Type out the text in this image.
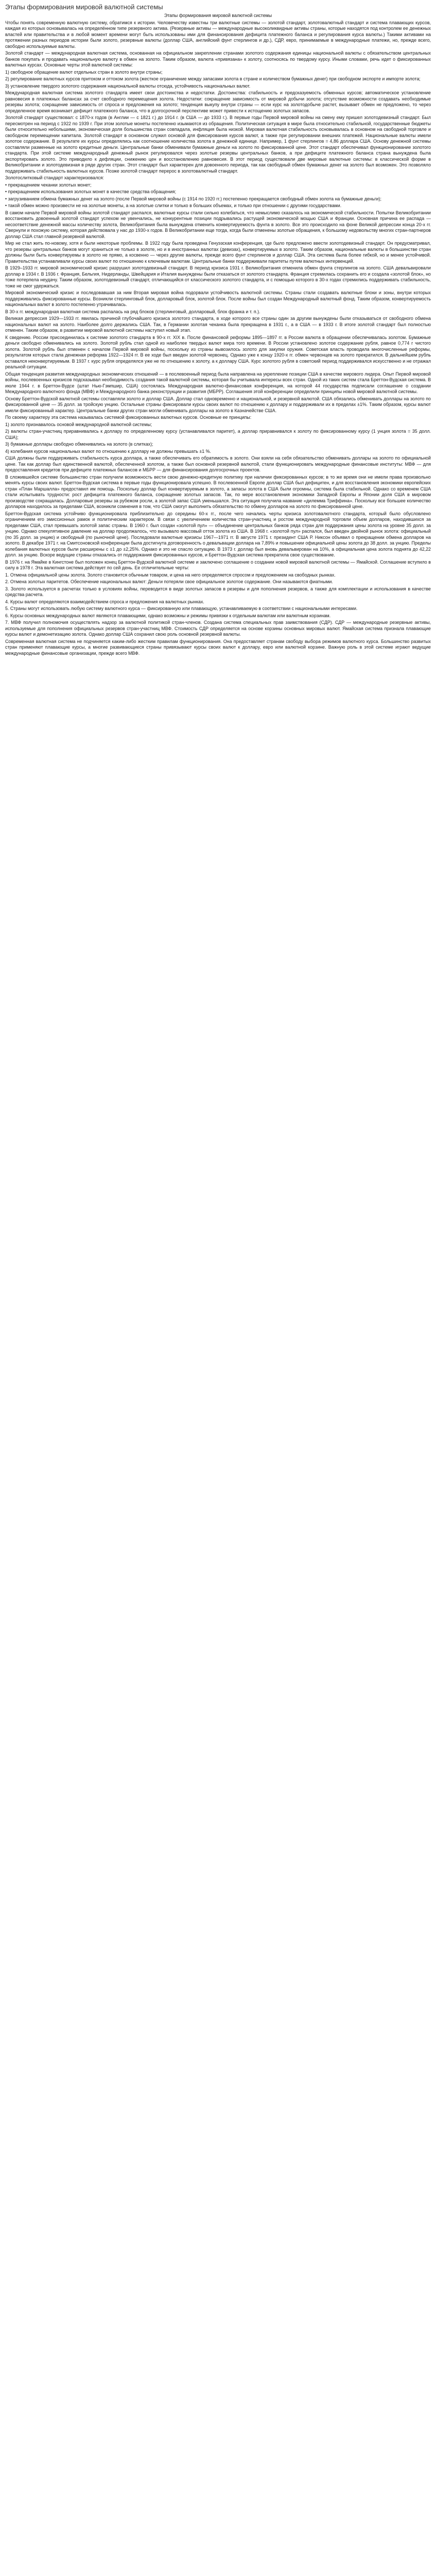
Этапы формирования мировой валютной системы
Этапы формирования мировой валютной системы

Чтобы понять современную валютную систему, обратимся к истории. Человечеству известны три валютные системы — золотой стандарт, золотовалютный стандарт и система плавающих курсов, каждая из которых основывалась на определённом типе резервного актива. (Резервные активы — международные высоколиквидные активы страны, которые находятся под контролем ее денежных властей или правительства и в любой момент времени могут быть использованы ими для финансирования дефицита платежного баланса и регулирования курса валюты.) Такими активами на протяжении разных периодов истории были золото, резервные валюты (доллар США, английский фунт стерлингов и др.), СДР, евро, принимаемые в международные платежи, но, прежде всего, свободно используемые валюты.

Золотой стандарт — международная валютная система, основанная на официальном закреплении странами золотого содержания единицы национальной валюты с обязательством центральных банков покупать и продавать национальную валюту в обмен на золото. Таким образом, валюта «привязана» к золоту, соотносясь по твердому курсу. Иными словами, речь идет о фиксированных валютных курсах. Основные черты этой валютной системы:

1) свободное обращение валют отдельных стран в золото внутри страны;

2) регулирование валютных курсов притоком и оттоком золота (жесткое ограничение между запасами золота в стране и количеством бумажных денег) при свободном экспорте и импорте золота;

3) установление твердого золотого содержания национальной валюты отсюда, устойчивость национальных валют.

Международная валютная система золотого стандарта имеет свои достоинства и недостатки. Достоинства: стабильность и предсказуемость обменных курсов; автоматическое установление равновесия в платежных балансах за счет свободного перемещения золота. Недостатки: сокращение зависимость от мировой добычи золота; отсутствие возможности создавать необходимые резервы золота; сокращение зависимость от спроса и предложения на золото; тенденция выкупу внутри страны — если курс на золотодобыче растет, вызывает обмен не предложено, то через определенное время возникает дефицит платежного баланса, что в долгосрочной перспективе может привести к истощению золотых запасов.

Золотой стандарт существовал: с 1870-х годов (в Англии — с 1821 г.) до 1914 г. (в США — до 1933 г.). В первые годы Первой мировой войны на смену ему пришел золотодевизный стандарт. Был пересмотрен на период с 1922 по 1939 г. При этом золотые монеты постепенно изымаются из обращения. Политическая ситуация в мире была относительно стабильной, государственные бюджеты были относительно небольшими, экономическая доля большинства стран совпадала, инфляция была низкой. Мировая валютная стабильность основывалась в основном на свободной торговле и свободном перемещении капитала. Золотой стандарт в основном служил основой для фиксирования курсов валют, а также при регулировании внешних платежей. Национальные валюты имели золотое содержание. В результате их курсы определялись как соотношение количества золота в денежной единице. Например, 1 фунт стерлингов = 4,86 доллара США. Основу денежной системы составляли разменные на золото кредитные деньги. Центральные банки обменивали бумажные деньги на золото по фиксированной цене. Этот стандарт обеспечивал функционирование золотого стандарта. При этой системе международный денежный рынок регулировался через золотые резервы центральных банков, а при дефиците платежного баланса страна вынуждена была экспортировать золото. Это приводило к дефляции, снижению цен и восстановлению равновесия. В этот период существовали две мировые валютные системы: в классической форме в Великобритании и золотодевизная в ряде других стран. Этот стандарт был характерен для довоенного периода, так как свободный обмен бумажных денег на золото был возможен. Это позволяло поддерживать стабильность валютных курсов. Позже золотой стандарт перерос в золотовалютный стандарт.

Золотослитковый стандарт характеризовался:

• прекращением чеканки золотых монет;

• прекращением использования золотых монет в качестве средства обращения;

• загрузиванием обмена бумажных денег на золото (после Первой мировой войны (с 1914 по 1920 гг.) постепенно прекращается свободный обмен золота на бумажные деньги);

• такой обмен можно произвести не на золотые монеты, а на золотые слитки и только в больших объемах, и только при отношении с другими государствами.

В самом начале Первой мировой войны золотой стандарт распался, валютные курсы стали сильно колебаться, что немыслимо сказалось на экономической стабильности. Попытки Великобритании восстановить довоенный золотой стандарт успехом не увенчались, не конкурентные позиции подрывались растущей экономической мощью США и Франции. Основная причина ее распада — несоответствие денежной массы количеству золота, Великобритания была вынуждена отменить конвертируемость фунта в золото. Все это происходило на фоне Великой депрессии конца 20-х гг. Свернули и похожую систему, которая действовала у нас до 1930-х годов. В Великобритании еще тогда, когда были отменены золотые обращения, к большому недовольству многих стран-партнеров доллар США стал главной резервной валютой.

Мир не стал жить по-новому, хотя и были некоторые проблемы. В 1922 году была проведена Генуэзская конференция, где было предложено ввести золотодевизный стандарт. Он предусматривал, что резервы центральных банков могут храниться не только в золоте, но и в иностранных валютах (девизах), конвертируемых в золото. Таким образом, национальные валюты в большинстве стран должны были быть конвертируемы в золото не прямо, а косвенно — через другие валюты, прежде всего фунт стерлингов и доллар США. Эта система была более гибкой, но и менее устойчивой. Правительства устанавливали курсы своих валют по отношению к ключевым валютам. Центральные банки поддерживали паритеты путем валютных интервенций.

В 1929–1933 гг. мировой экономический кризис разрушил золотодевизный стандарт. В период кризиса 1931 г. Великобритания отменила обмен фунта стерлингов на золото. США девальвировали доллар в 1934 г. В 1936 г. Франция, Бельгия, Нидерланды, Швейцария и Италия вынуждены были отказаться от золотого стандарта. Франция стремилась сохранить его и создала «золотой блок», но тоже потерпела неудачу. Таким образом, золотодевизный стандарт, отличающийся от классического золотого стандарта, и с помощью которого в 30-х годах стремились поддерживать стабильность, тоже не смог удержаться.

Мировой экономический кризис и последовавшая за ним Вторая мировая война подорвали устойчивость валютной системы. Страны стали создавать валютные блоки и зоны, внутри которых поддерживались фиксированные курсы. Возникли стерлинговый блок, долларовый блок, золотой блок. После войны был создан Международный валютный фонд. Таким образом, конвертируемость национальных валют в золото постепенно утрачивалась.

В 30-х гг. международная валютная система распалась на ряд блоков (стерлинговый, долларовый, блок франка и т. п.).

Великая депрессия 1929—1933 гг. явилась причиной глубочайшего кризиса золотого стандарта, в ходе которого все страны один за другим вынуждены были отказываться от свободного обмена национальных валют на золото. Наиболее долго держались США. Так, в Германии золотая чеканка была прекращена в 1931 г., а в США — в 1933 г. В итоге золотой стандарт был полностью отменен. Таким образом, в развитии мировой валютной системы наступил новый этап.

К сведению. России присоединилась к системе золотого стандарта в 90-х гг. XIX в. После финансовой реформы 1895—1897 гг. в России валюта в обращении обеспечивалась золотом. Бумажные деньги свободно обменивались на золото. Золотой рубль стал одной из наиболее твердых валют мира того времени. В России установлено золотое содержание рубля, равное 0,774 г чистого золота. Золотой рубль был отменен с началом Первой мировой войны, поскольку из страны вывозилось золото для закупки оружия. Советская власть проводила многочисленные реформы, результатом которых стала денежная реформа 1922—1924 гг. В ее ходе был введен золотой червонец. Однако уже к концу 1920-х гг. обмен червонцев на золото прекратился. В дальнейшем рубль оставался неконвертируемым. В 1937 г. курс рубля определялся уже не по отношению к золоту, а к доллару США. Курс золотого рубля в советский период поддерживался искусственно и не отражал реальной ситуации.

Общая тенденция развития международных экономических отношений — в послевоенный период была направлена на укрепление позиции США в качестве мирового лидера. Опыт Первой мировой войны, послевоенных кризисов подсказывал необходимость создания такой валютной системы, которая бы учитывала интересы всех стран. Одной из таких систем стала Бреттон-Вудская система. В июле 1944 г. в Бреттон-Вудсе (штат Нью-Гэмпшир, США) состоялась Международная валютно-финансовая конференция, на которой 44 государства подписали соглашение о создании Международного валютного фонда (МВФ) и Международного банка реконструкции и развития (МБРР). Соглашения этой конференции определили принципы новой мировой валютной системы.

Основу Бреттон-Вудской валютной системы составляли золото и доллар США. Доллар стал одновременно и национальной, и резервной валютой. США обязались обменивать доллары на золото по фиксированной цене — 35 долл. за тройскую унцию. Остальные страны фиксировали курсы своих валют по отношению к доллару и поддерживали их в пределах ±1%. Таким образом, курсы валют имели фиксированный характер. Центральные банки других стран могли обменивать доллары на золото в Казначействе США.

По своему характеру эта система называлась системой фиксированных валютных курсов. Основные ее принципы:

1) золото признавалось основой международной валютной системы;

2) валюты стран-участниц приравнивались к доллару по определенному курсу (устанавливался паритет), а доллар приравнивался к золоту по фиксированному курсу (1 унция золота = 35 долл. США);

3) бумажные доллары свободно обменивались на золото (в слитках);

4) колебания курсов национальных валют по отношению к доллару не должны превышать ±1 %.

США должны были поддерживать стабильность курса доллара, а также обеспечивать его обратимость в золото. Они взяли на себя обязательство обменивать доллары на золото по официальной цене. Так как доллар был единственной валютой, обеспеченной золотом, а также был основной резервной валютой, стали функционировать международные финансовые институты: МВФ — для предоставления кредитов при дефиците платежных балансов и МБРР — для финансирования долгосрочных проектов.

В сложившейся системе большинство стран получили возможность вести свою денежно-кредитную политику при наличии фиксированных курсов; в то же время они не имели права произвольно менять курсы своих валют. Бреттон-Вудская система в первые годы функционировала успешно. В послевоенной Европе доллар США был дефицитен, и для восстановления экономики европейских стран «План Маршалла» предоставил им помощь. Поскольку доллар был конвертируемым в золото, а запасы золота в США были огромны, система была стабильной. Однако со временем США стали испытывать трудности: рост дефицита платежного баланса, сокращение золотых запасов. Так, по мере восстановления экономики Западной Европы и Японии доля США в мировом производстве сокращалась. Долларовые резервы за рубежом росли, а золотой запас США уменьшался. Эта ситуация получила название «дилемма Триффина». Поскольку все большее количество долларов находилось за пределами США, возникли сомнения в том, что США смогут выполнить обязательство по обмену долларов на золото по фиксированной цене.

Бреттон-Вудская система устойчиво функционировала приблизительно до середины 60-х гг., после чего начались черты кризиса золотовалютного стандарта, который было обусловлено ограничением его эмиссионных рамок и политическим характером. В связи с увеличением количества стран-участниц и ростом международной торговли объем долларов, находившихся за пределами США, стал превышать золотой запас страны. В 1960 г. был создан «золотой пул» — объединение центральных банков ряда стран для поддержания цены золота на уровне 35 долл. за унцию. Однако спекулятивное давление на доллар продолжалось, что вызывало массовый отток золота из США. В 1968 г. «золотой пул» распался, был введен двойной рынок золота: официальный (по 35 долл. за унцию) и свободный (по рыночной цене). Последовали валютные кризисы 1967—1971 гг. В августе 1971 г. президент США Р. Никсон объявил о прекращении обмена долларов на золото. В декабре 1971 г. на Смитсоновской конференции была достигнута договоренность о девальвации доллара на 7,89% и повышении официальной цены золота до 38 долл. за унцию. Пределы колебания валютных курсов были расширены с ±1 до ±2,25%. Однако и это не спасло ситуацию. В 1973 г. доллар был вновь девальвирован на 10%, а официальная цена золота поднята до 42,22 долл. за унцию. Вскоре ведущие страны отказались от поддержания фиксированных курсов, и Бреттон-Вудская система прекратила свое существование.

В 1976 г. на Ямайке в Кингстоне был положен конец Бреттон-Вудской валютной системе и заключено соглашение о создании новой мировой валютной системы — Ямайской. Соглашение вступило в силу в 1978 г. Эта валютная система действует по сей день. Ее отличительные черты:

1. Отмена официальной цены золота. Золото становится обычным товаром, и цена на него определяется спросом и предложением на свободных рынках.

2. Отмена золотых паритетов. Обеспечение национальных валют: Деньги потеряли свое официальное золотое содержание. Они называются фиатными.

3. Золото используется в расчетах только в условиях войны, переводится в виде золотых запасов в резервы и для пополнения резервов, а также для комплектации и использования в качестве средства расчета.

4. Курсы валют определяются взаимодействием спроса и предложения на валютных рынках.

5. Страны могут использовать любую систему валютного курса — фиксированную или плавающую, устанавливаемую в соответствии с национальными интересами.

6. Курсы основных международных валют являются плавающими, однако возможны и режимы привязки к отдельным валютам или валютным корзинам.

7. МВФ получил полномочия осуществлять надзор за валютной политикой стран-членов. Создана система специальных прав заимствования (СДР). СДР — международные резервные активы, используемые для пополнения официальных резервов стран-участниц МВФ. Стоимость СДР определяется на основе корзины основных мировых валют. Ямайская система признала плавающие курсы валют и демонетизацию золота. Однако доллар США сохранил свою роль основной резервной валюты.

Современная валютная система не подчиняется каким-либо жестким правилам функционирования. Она предоставляет странам свободу выбора режимов валютного курса. Большинство развитых стран применяют плавающие курсы, а многие развивающиеся страны привязывают курсы своих валют к доллару, евро или валютной корзине. Важную роль в этой системе играют ведущие международные финансовые организации, прежде всего МВФ.
